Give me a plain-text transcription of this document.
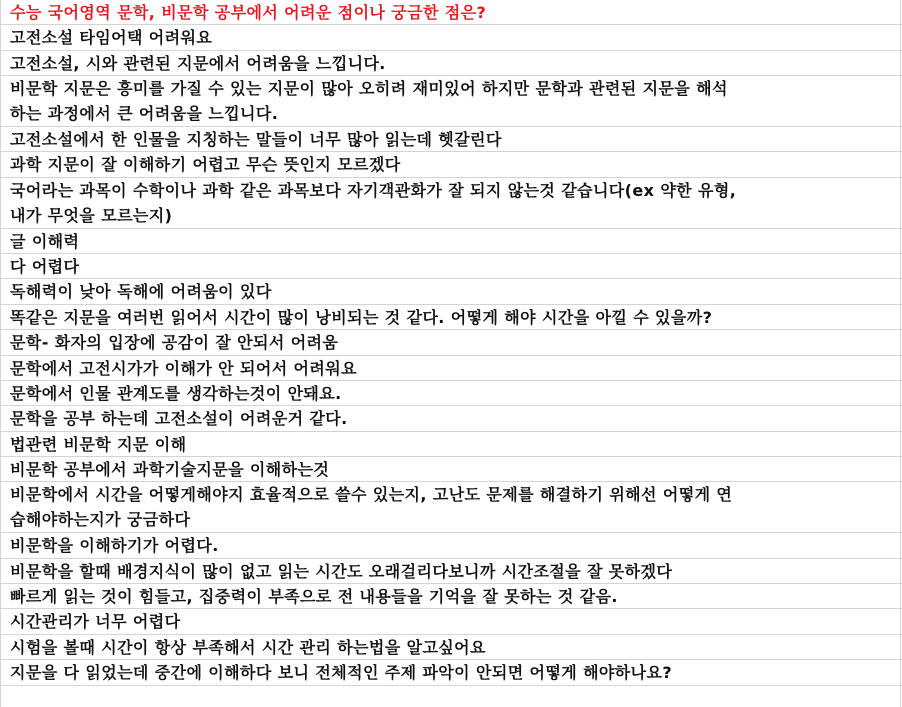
수능 국어영역 문학, 비문학 공부에서 어려운 점이나 궁금한 점은?
고전소설 타임어택 어려워요
고전소설, 시와 관련된 지문에서 어려움을 느낍니다.
비문학 지문은 흥미를 가질 수 있는 지문이 많아 오히려 재미있어 하지만 문학과 관련된 지문을 해석
하는 과정에서 큰 어려움을 느낍니다.
고전소설에서 한 인물을 지칭하는 말들이 너무 많아 읽는데 헷갈린다
과학 지문이 잘 이해하기 어렵고 무슨 뜻인지 모르겠다
국어라는 과목이 수학이나 과학 같은 과목보다 자기객관화가 잘 되지 않는것 같습니다(ex 약한 유형,
내가 무엇을 모르는지)
글 이해력
다 어렵다
독해력이 낮아 독해에 어려움이 있다
똑같은 지문을 여러번 읽어서 시간이 많이 낭비되는 것 같다. 어떻게 해야 시간을 아낄 수 있을까?
문학- 화자의 입장에 공감이 잘 안되서 어려움
문학에서 고전시가가 이해가 안 되어서 어려워요
문학에서 인물 관계도를 생각하는것이 안돼요.
문학을 공부 하는데 고전소설이 어려운거 같다.
법관련 비문학 지문 이해
비문학 공부에서 과학기술지문을 이해하는것
비문학에서 시간을 어떻게해야지 효율적으로 쓸수 있는지, 고난도 문제를 해결하기 위해선 어떻게 연
습해야하는지가 궁금하다
비문학을 이해하기가 어렵다.
비문학을 할때 배경지식이 많이 없고 읽는 시간도 오래걸리다보니까 시간조절을 잘 못하겠다
빠르게 읽는 것이 힘들고, 집중력이 부족으로 전 내용들을 기억을 잘 못하는 것 같음.
시간관리가 너무 어렵다
시험을 볼때 시간이 항상 부족해서 시간 관리 하는법을 알고싶어요
지문을 다 읽었는데 중간에 이해하다 보니 전체적인 주제 파악이 안되면 어떻게 해야하나요?
